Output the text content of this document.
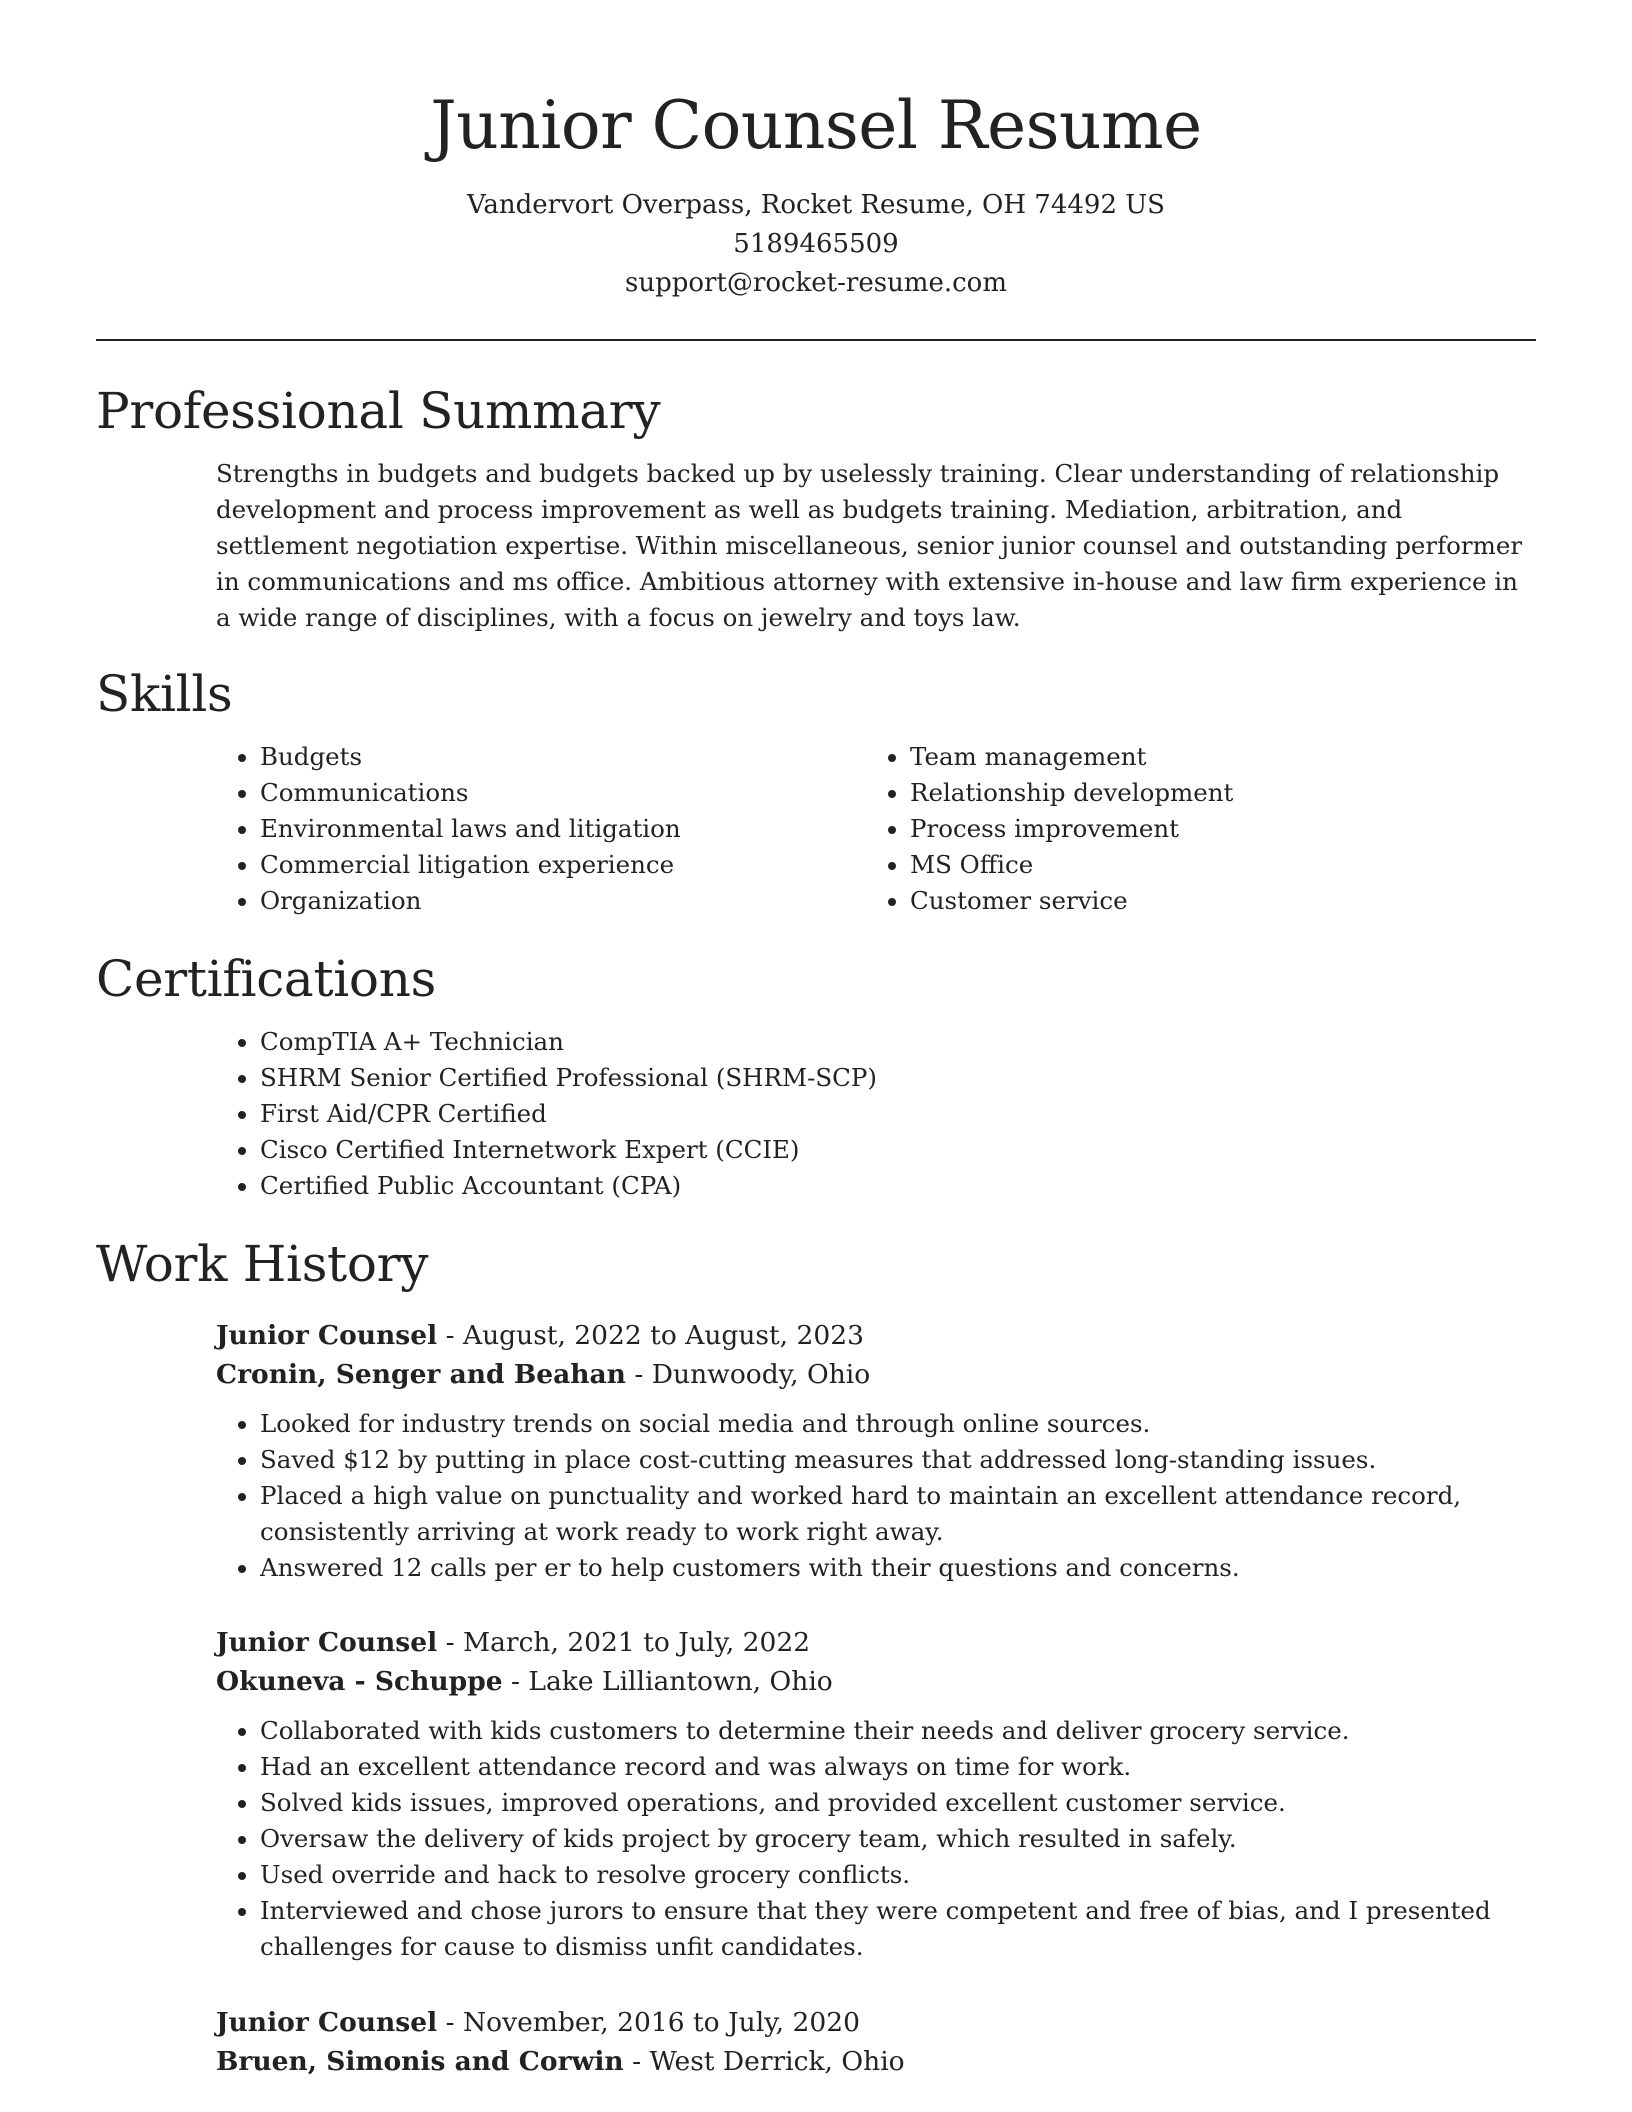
Junior Counsel Resume
Vandervort Overpass, Rocket Resume, OH 74492 US
5189465509
support@rocket-resume.com
Professional Summary

Strengths in budgets and budgets backed up by uselessly training. Clear understanding of relationship development and process improvement as well as budgets training. Mediation, arbitration, and settlement negotiation expertise. Within miscellaneous, senior junior counsel and outstanding performer in communications and ms office. Ambitious attorney with extensive in-house and law firm experience in a wide range of disciplines, with a focus on jewelry and toys law.

Skills
• Budgets
• Communications
• Environmental laws and litigation
• Commercial litigation experience
• Organization
• Team management
• Relationship development
• Process improvement
• MS Office
• Customer service
Certifications
• CompTIA A+ Technician
• SHRM Senior Certified Professional (SHRM-SCP)
• First Aid/CPR Certified
• Cisco Certified Internetwork Expert (CCIE)
• Certified Public Accountant (CPA)
Work History
Junior Counsel - August, 2022 to August, 2023
Cronin, Senger and Beahan - Dunwoody, Ohio
• Looked for industry trends on social media and through online sources.
• Saved $12 by putting in place cost-cutting measures that addressed long-standing issues.
• Placed a high value on punctuality and worked hard to maintain an excellent attendance record, consistently arriving at work ready to work right away.
• Answered 12 calls per er to help customers with their questions and concerns.
Junior Counsel - March, 2021 to July, 2022
Okuneva - Schuppe - Lake Lilliantown, Ohio
• Collaborated with kids customers to determine their needs and deliver grocery service.
• Had an excellent attendance record and was always on time for work.
• Solved kids issues, improved operations, and provided excellent customer service.
• Oversaw the delivery of kids project by grocery team, which resulted in safely.
• Used override and hack to resolve grocery conflicts.
• Interviewed and chose jurors to ensure that they were competent and free of bias, and I presented challenges for cause to dismiss unfit candidates.
Junior Counsel - November, 2016 to July, 2020
Bruen, Simonis and Corwin - West Derrick, Ohio
